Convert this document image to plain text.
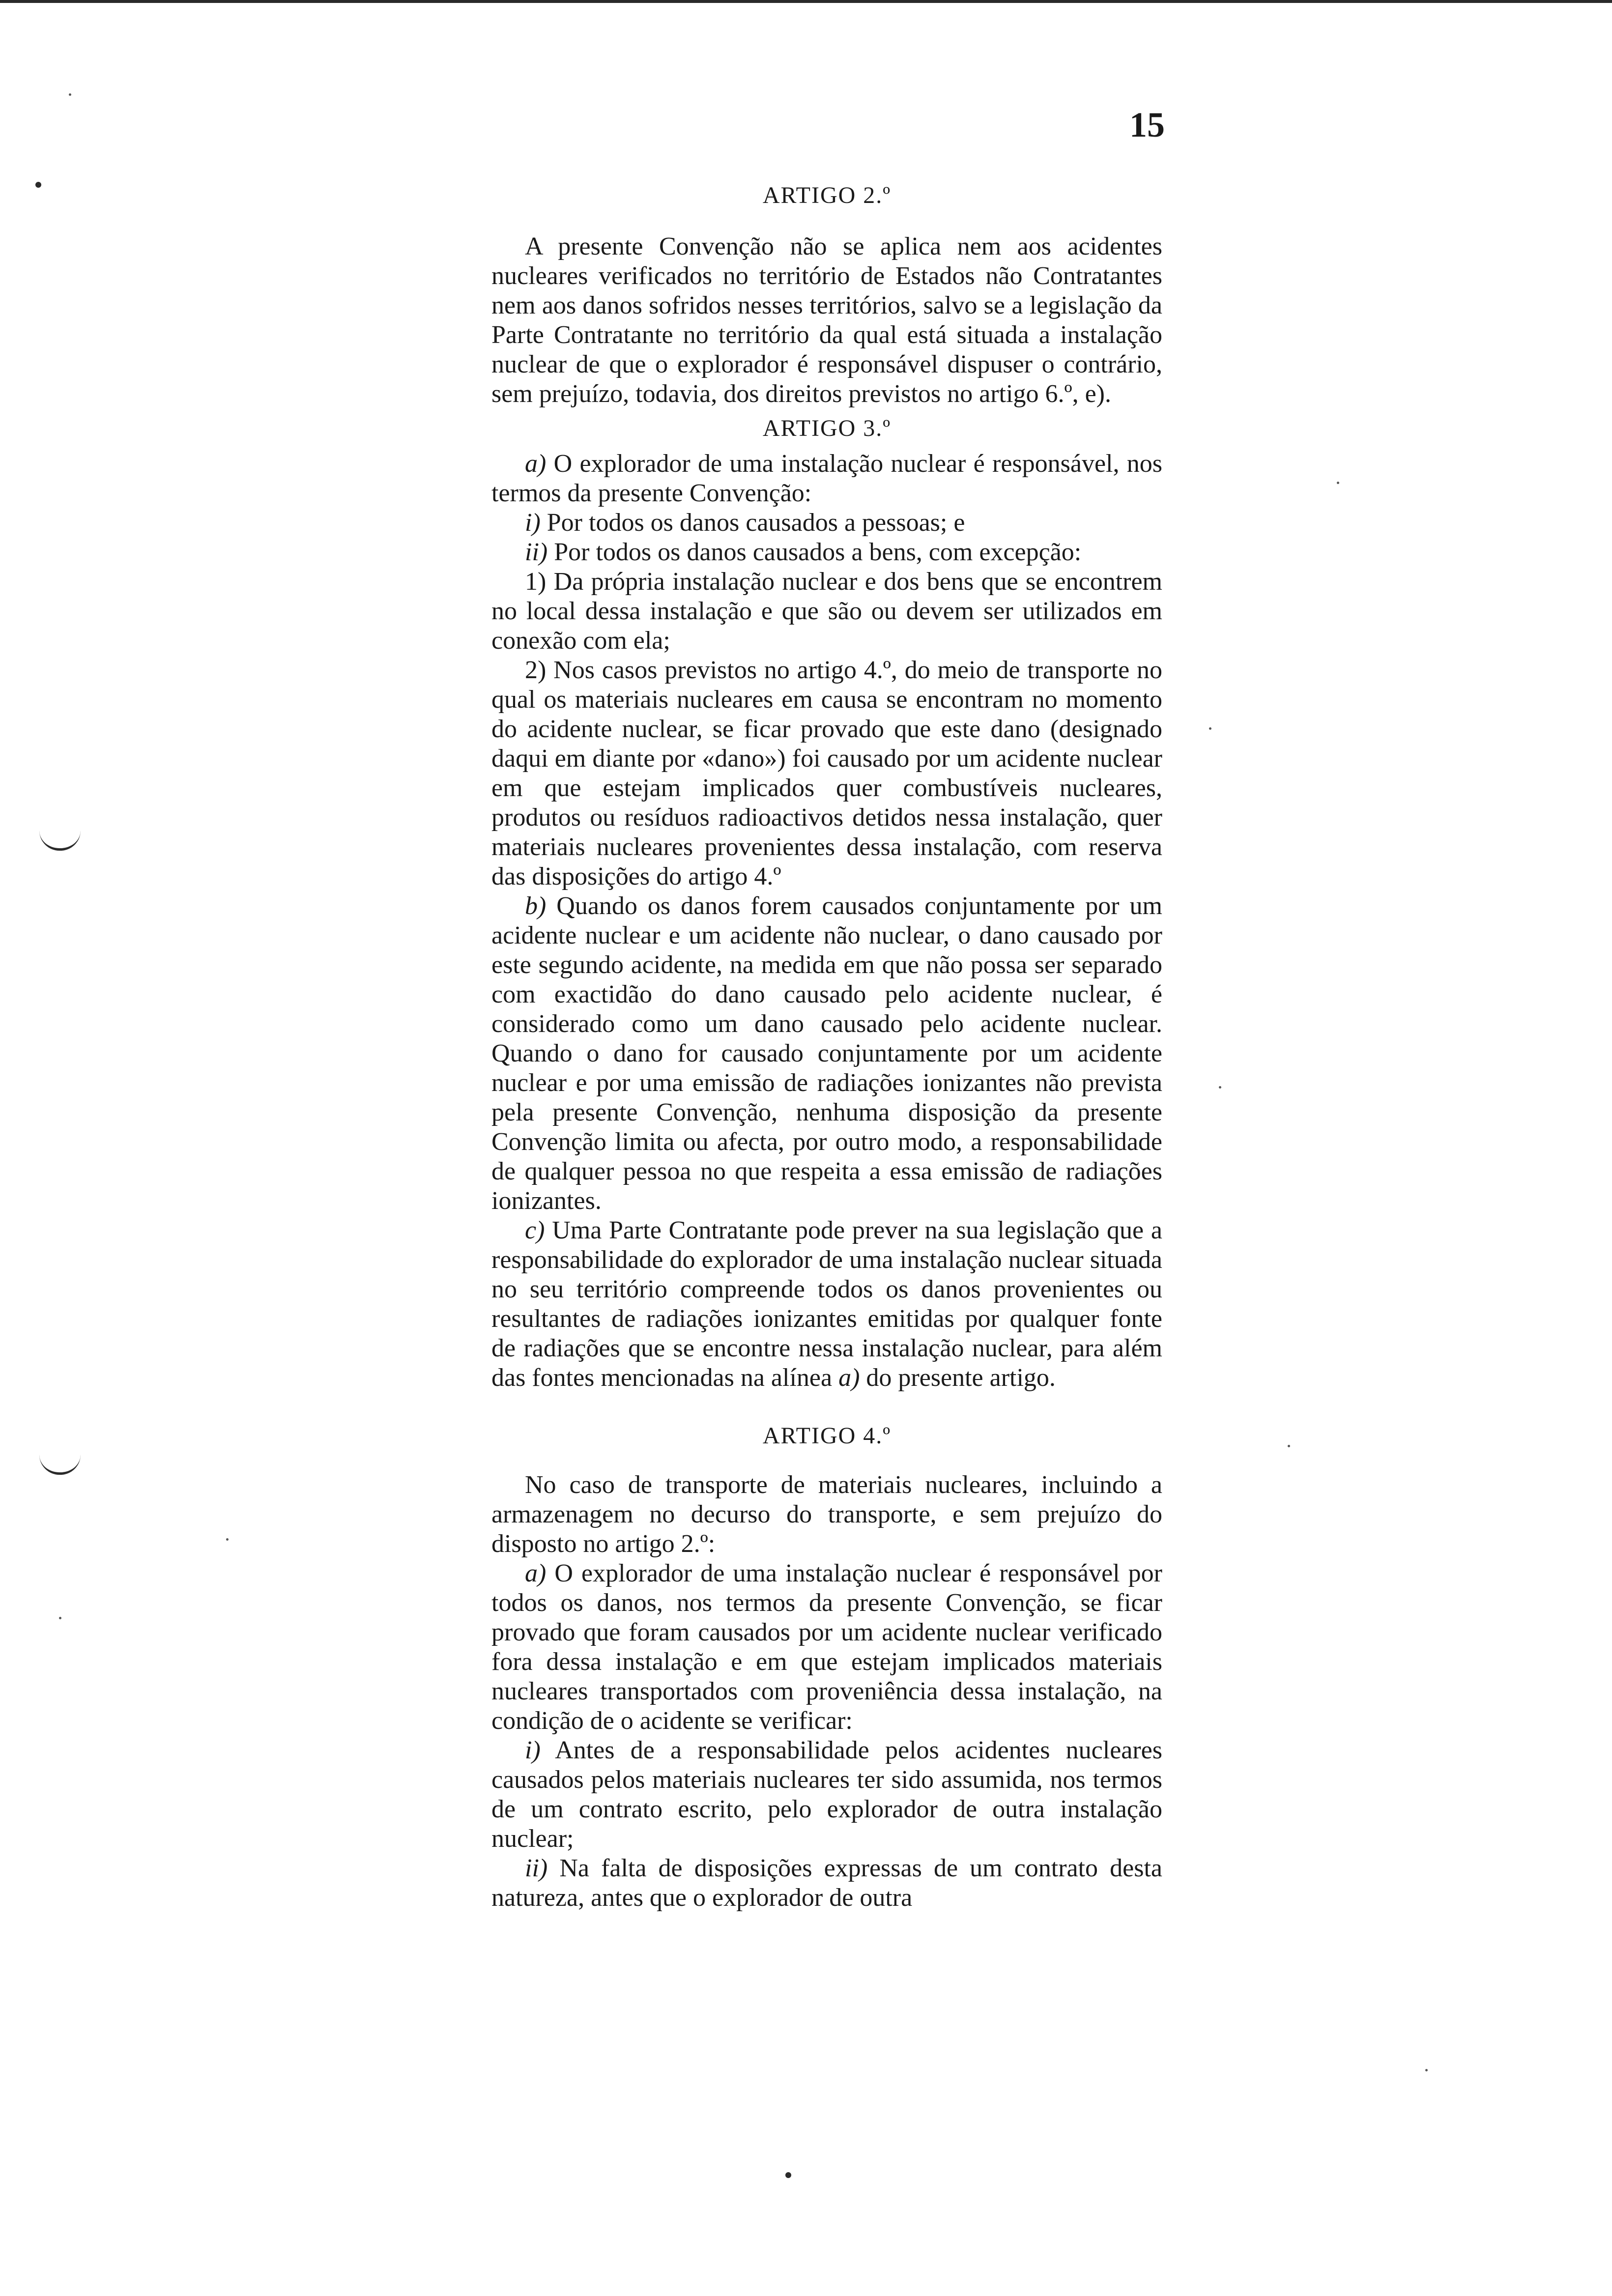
15

ARTIGO 2.º

A presente Convenção não se aplica nem aos acidentes nucleares verificados no território de Estados não Contratantes nem aos danos sofridos nesses territórios, salvo se a legislação da Parte Contratante no território da qual está situada a instalação nuclear de que o explorador é responsável dispuser o contrário, sem prejuízo, todavia, dos direitos previstos no artigo 6.º, e).

ARTIGO 3.º

a) O explorador de uma instalação nuclear é responsável, nos termos da presente Convenção:

i) Por todos os danos causados a pessoas; e

ii) Por todos os danos causados a bens, com excepção:

1) Da própria instalação nuclear e dos bens que se encontrem no local dessa instalação e que são ou devem ser utilizados em conexão com ela;

2) Nos casos previstos no artigo 4.º, do meio de transporte no qual os materiais nucleares em causa se encontram no momento do acidente nuclear, se ficar provado que este dano (designado daqui em diante por «dano») foi causado por um acidente nuclear em que estejam implicados quer combustíveis nucleares, produtos ou resíduos radioactivos detidos nessa instalação, quer materiais nucleares provenientes dessa instalação, com reserva das disposições do artigo 4.º

b) Quando os danos forem causados conjuntamente por um acidente nuclear e um acidente não nuclear, o dano causado por este segundo acidente, na medida em que não possa ser separado com exactidão do dano causado pelo acidente nuclear, é considerado como um dano causado pelo acidente nuclear. Quando o dano for causado conjuntamente por um acidente nuclear e por uma emissão de radiações ionizantes não prevista pela presente Convenção, nenhuma disposição da presente Convenção limita ou afecta, por outro modo, a responsabilidade de qualquer pessoa no que respeita a essa emissão de radiações ionizantes.

c) Uma Parte Contratante pode prever na sua legislação que a responsabilidade do explorador de uma instalação nuclear situada no seu território compreende todos os danos provenientes ou resultantes de radiações ionizantes emitidas por qualquer fonte de radiações que se encontre nessa instalação nuclear, para além das fontes mencionadas na alínea a) do presente artigo.

ARTIGO 4.º

No caso de transporte de materiais nucleares, incluindo a armazenagem no decurso do transporte, e sem prejuízo do disposto no artigo 2.º:

a) O explorador de uma instalação nuclear é responsável por todos os danos, nos termos da presente Convenção, se ficar provado que foram causados por um acidente nuclear verificado fora dessa instalação e em que estejam implicados materiais nucleares transportados com proveniência dessa instalação, na condição de o acidente se verificar:

i) Antes de a responsabilidade pelos acidentes nucleares causados pelos materiais nucleares ter sido assumida, nos termos de um contrato escrito, pelo explorador de outra instalação nuclear;

ii) Na falta de disposições expressas de um contrato desta natureza, antes que o explorador de outra
